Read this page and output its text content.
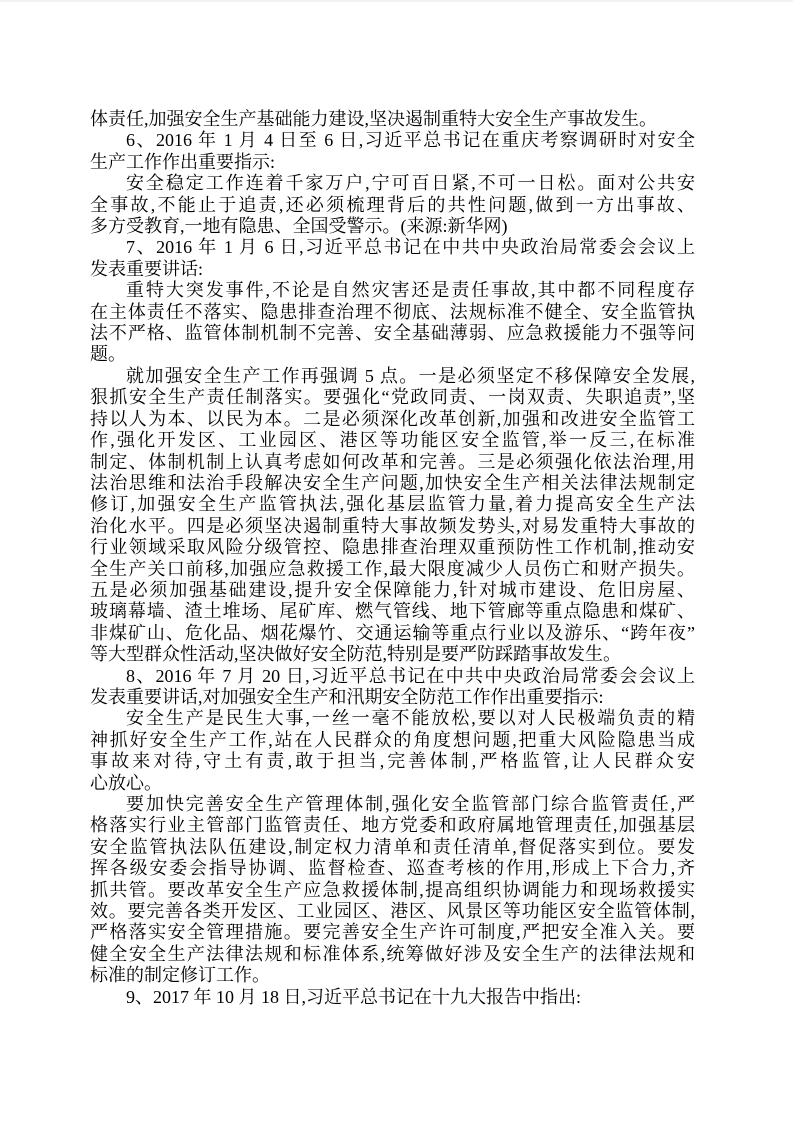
体责任,加强安全生产基础能力建设,坚决遏制重特大安全生产事故发生。
6、2016 年 1 月 4 日至 6 日,习近平总书记在重庆考察调研时对安全
生产工作作出重要指示:
安全稳定工作连着千家万户,宁可百日紧,不可一日松。面对公共安
全事故,不能止于追责,还必须梳理背后的共性问题,做到一方出事故、
多方受教育,一地有隐患、全国受警示。(来源:新华网)
7、2016 年 1 月 6 日,习近平总书记在中共中央政治局常委会会议上
发表重要讲话:
重特大突发事件,不论是自然灾害还是责任事故,其中都不同程度存
在主体责任不落实、隐患排查治理不彻底、法规标准不健全、安全监管执
法不严格、监管体制机制不完善、安全基础薄弱、应急救援能力不强等问
题。
就加强安全生产工作再强调 5 点。一是必须坚定不移保障安全发展,
狠抓安全生产责任制落实。要强化“党政同责、一岗双责、失职追责”,坚
持以人为本、以民为本。二是必须深化改革创新,加强和改进安全监管工
作,强化开发区、工业园区、港区等功能区安全监管,举一反三,在标准
制定、体制机制上认真考虑如何改革和完善。三是必须强化依法治理,用
法治思维和法治手段解决安全生产问题,加快安全生产相关法律法规制定
修订,加强安全生产监管执法,强化基层监管力量,着力提高安全生产法
治化水平。四是必须坚决遏制重特大事故频发势头,对易发重特大事故的
行业领域采取风险分级管控、隐患排查治理双重预防性工作机制,推动安
全生产关口前移,加强应急救援工作,最大限度减少人员伤亡和财产损失。
五是必须加强基础建设,提升安全保障能力,针对城市建设、危旧房屋、
玻璃幕墙、渣土堆场、尾矿库、燃气管线、地下管廊等重点隐患和煤矿、
非煤矿山、危化品、烟花爆竹、交通运输等重点行业以及游乐、“跨年夜”
等大型群众性活动,坚决做好安全防范,特别是要严防踩踏事故发生。
8、2016 年 7 月 20 日,习近平总书记在中共中央政治局常委会会议上
发表重要讲话,对加强安全生产和汛期安全防范工作作出重要指示:
安全生产是民生大事,一丝一毫不能放松,要以对人民极端负责的精
神抓好安全生产工作,站在人民群众的角度想问题,把重大风险隐患当成
事故来对待,守土有责,敢于担当,完善体制,严格监管,让人民群众安
心放心。
要加快完善安全生产管理体制,强化安全监管部门综合监管责任,严
格落实行业主管部门监管责任、地方党委和政府属地管理责任,加强基层
安全监管执法队伍建设,制定权力清单和责任清单,督促落实到位。要发
挥各级安委会指导协调、监督检查、巡查考核的作用,形成上下合力,齐
抓共管。要改革安全生产应急救援体制,提高组织协调能力和现场救援实
效。要完善各类开发区、工业园区、港区、风景区等功能区安全监管体制,
严格落实安全管理措施。要完善安全生产许可制度,严把安全准入关。要
健全安全生产法律法规和标准体系,统筹做好涉及安全生产的法律法规和
标准的制定修订工作。
9、2017 年 10 月 18 日,习近平总书记在十九大报告中指出:
